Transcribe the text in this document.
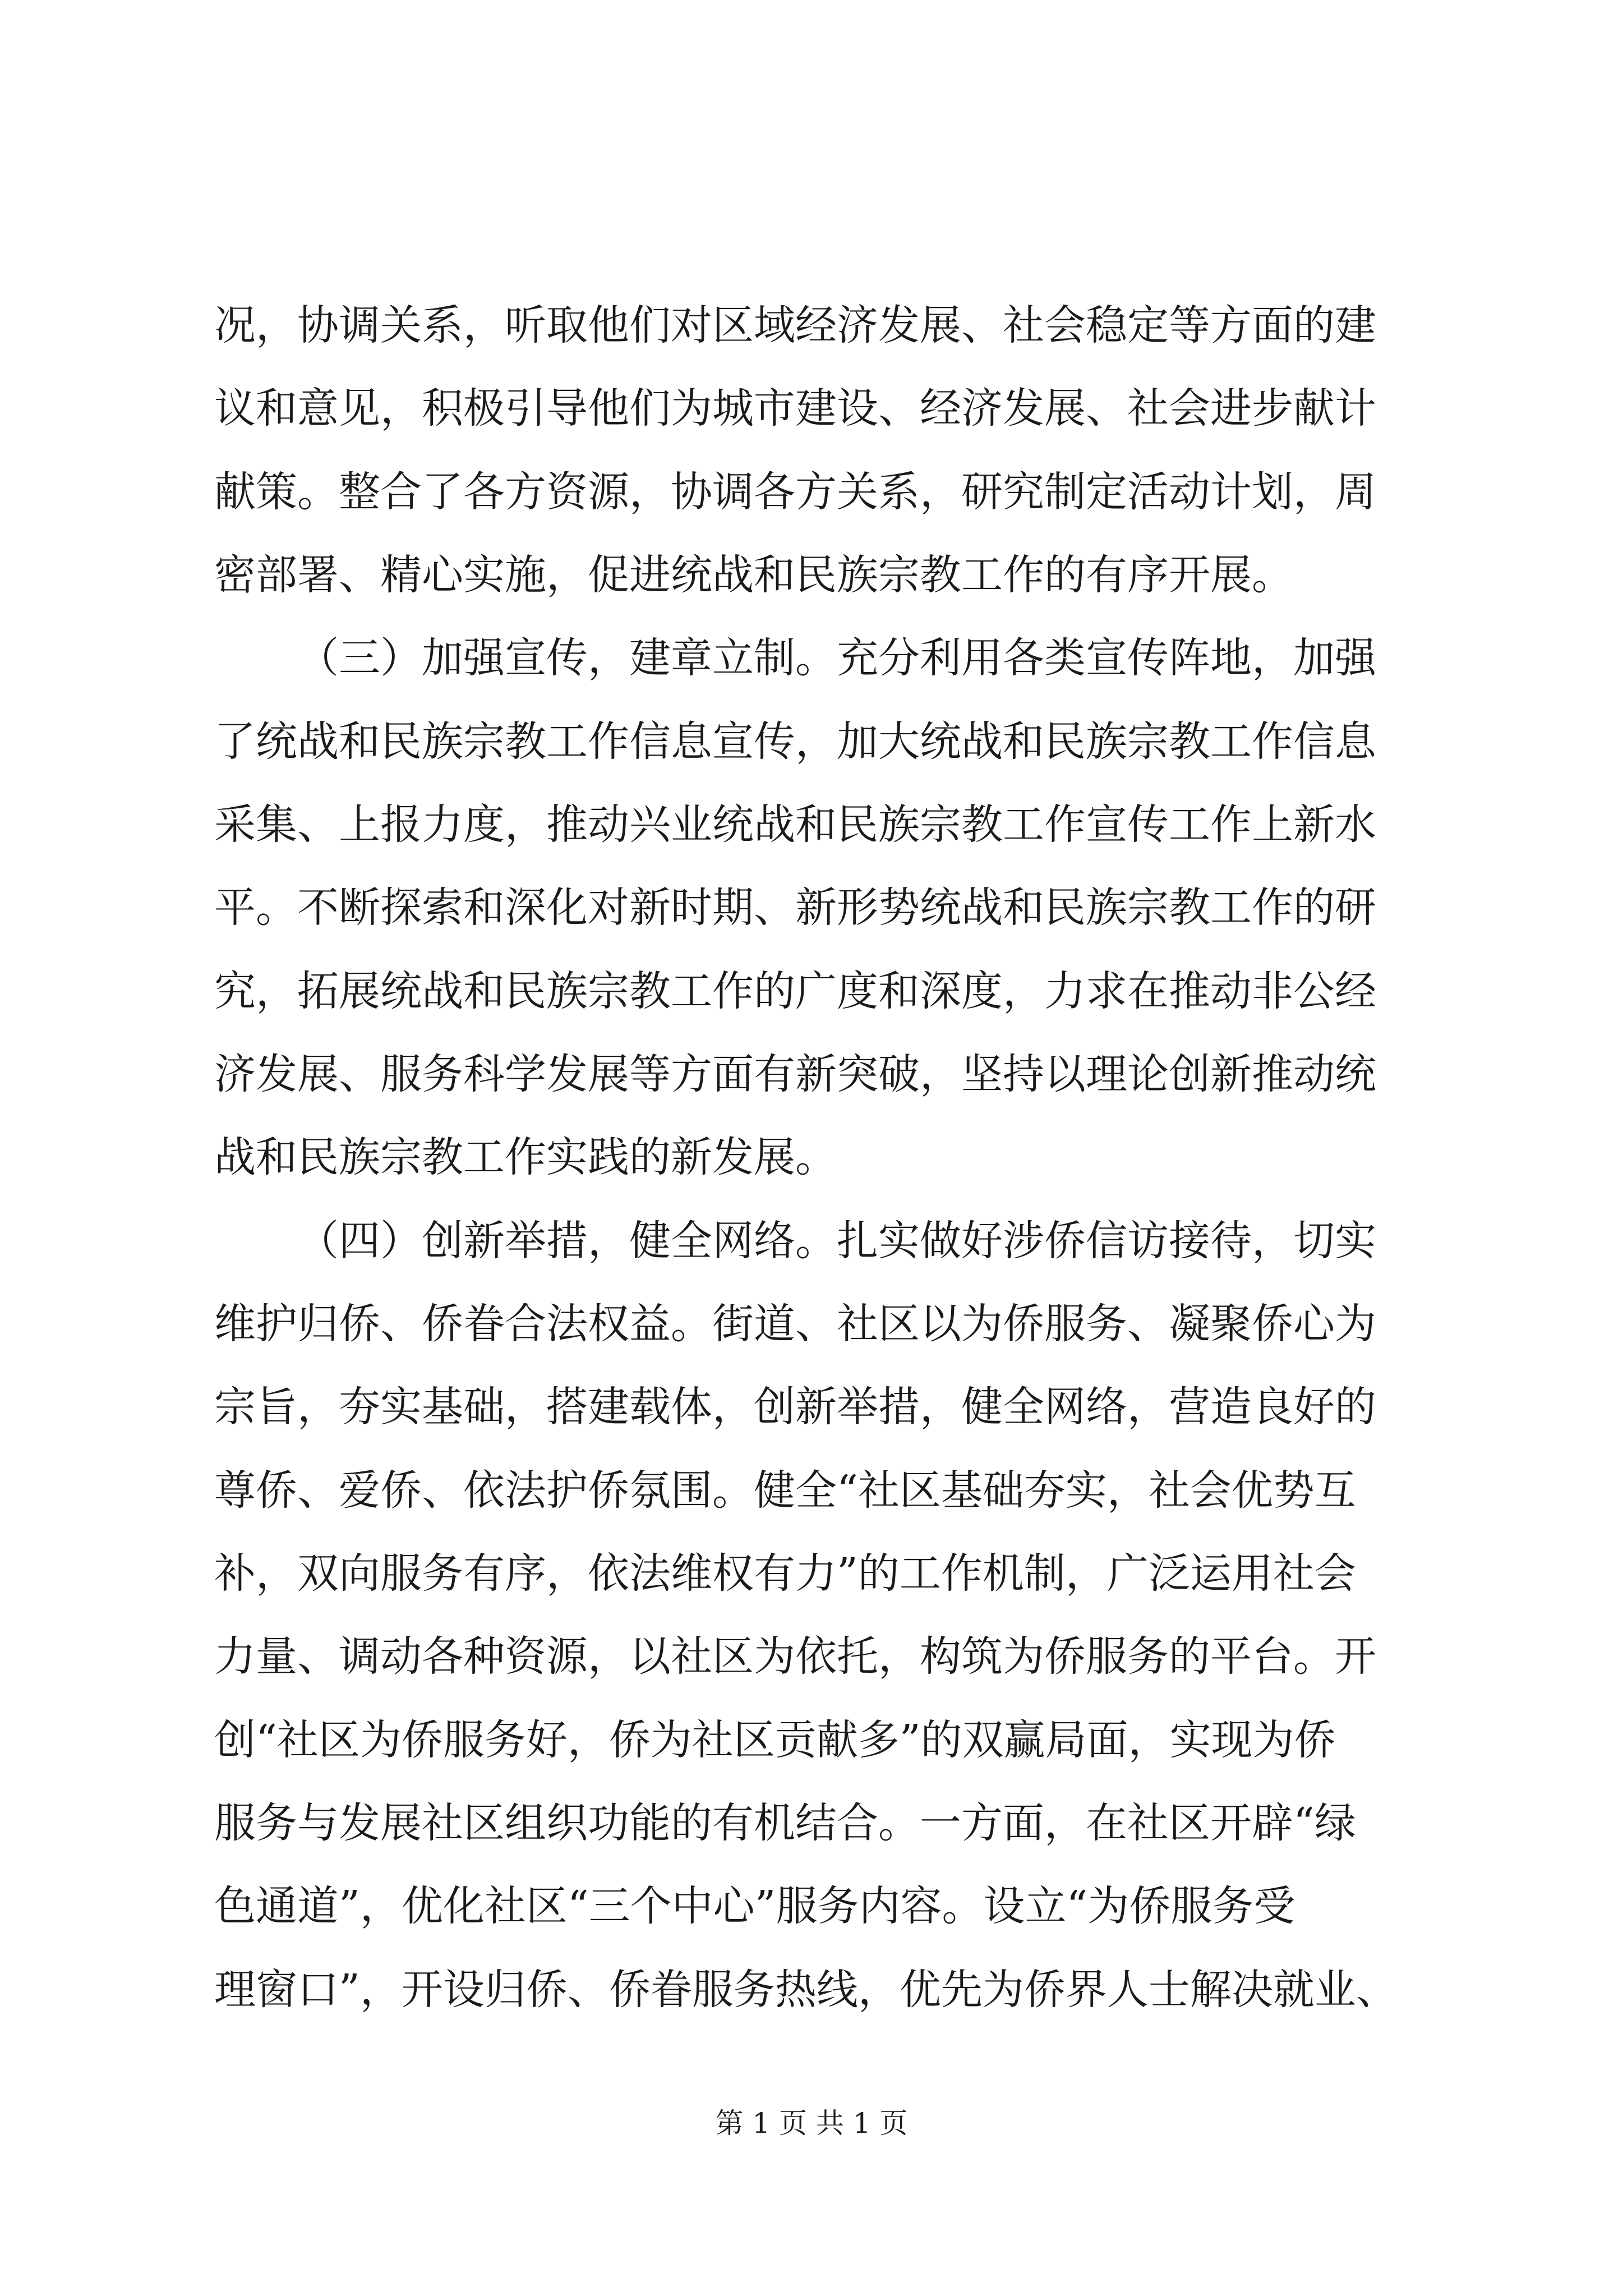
况，协调关系，听取他们对区域经济发展、社会稳定等方面的建
议和意见，积极引导他们为城市建设、经济发展、社会进步献计
献策。整合了各方资源，协调各方关系，研究制定活动计划，周
密部署、精心实施，促进统战和民族宗教工作的有序开展。
（三）加强宣传，建章立制。充分利用各类宣传阵地，加强
了统战和民族宗教工作信息宣传，加大统战和民族宗教工作信息
采集、上报力度，推动兴业统战和民族宗教工作宣传工作上新水
平。不断探索和深化对新时期、新形势统战和民族宗教工作的研
究，拓展统战和民族宗教工作的广度和深度，力求在推动非公经
济发展、服务科学发展等方面有新突破，坚持以理论创新推动统
战和民族宗教工作实践的新发展。
（四）创新举措，健全网络。扎实做好涉侨信访接待，切实
维护归侨、侨眷合法权益。街道、社区以为侨服务、凝聚侨心为
宗旨，夯实基础，搭建载体，创新举措，健全网络，营造良好的
尊侨、爱侨、依法护侨氛围。健全“社区基础夯实，社会优势互
补，双向服务有序，依法维权有力”的工作机制，广泛运用社会
力量、调动各种资源，以社区为依托，构筑为侨服务的平台。开
创“社区为侨服务好，侨为社区贡献多”的双赢局面，实现为侨
服务与发展社区组织功能的有机结合。一方面，在社区开辟“绿
色通道”，优化社区“三个中心”服务内容。设立“为侨服务受
理窗口”，开设归侨、侨眷服务热线，优先为侨界人士解决就业、
第 1 页 共 1 页
